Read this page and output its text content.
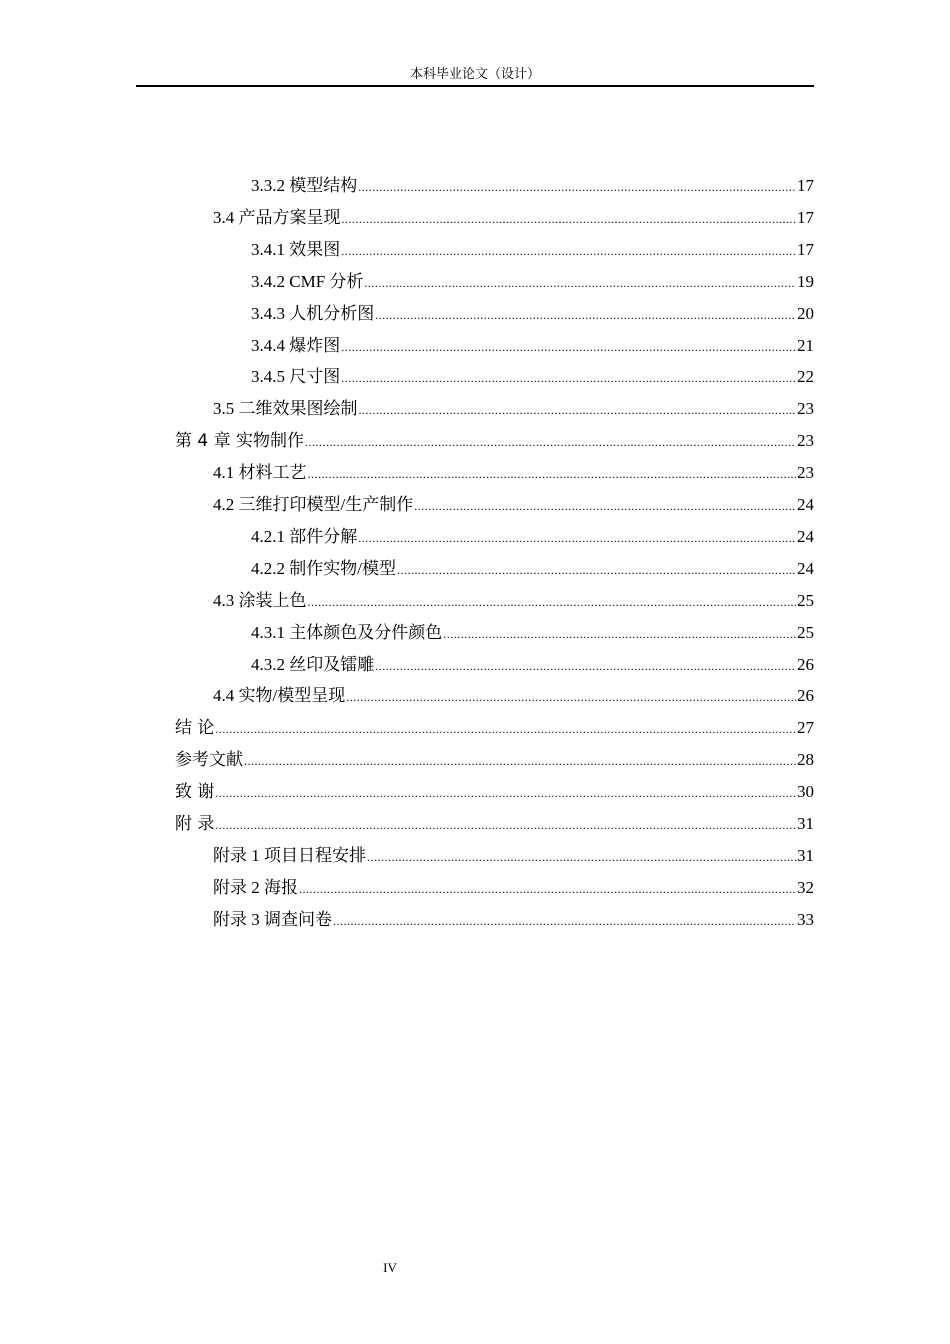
本科毕业论文（设计）
3.3.2 模型结构 .....	17
3.4 产品方案呈现 .....	17
3.4.1 效果图 .....	17
3.4.2 CMF 分析 .....	19
3.4.3 人机分析图 .....	20
3.4.4 爆炸图 .....	21
3.4.5 尺寸图 .....	22
3.5 二维效果图绘制 .....	23
第 4 章 实物制作 .....	23
4.1 材料工艺 .....	23
4.2 三维打印模型/生产制作 .....	24
4.2.1 部件分解 .....	24
4.2.2 制作实物/模型 .....	24
4.3 涂装上色 .....	25
4.3.1 主体颜色及分件颜色 .....	25
4.3.2 丝印及镭雕 .....	26
4.4 实物/模型呈现 .....	26
结 论 .....	27
参考文献 .....	28
致 谢 .....	30
附 录 .....	31
附录 1 项目日程安排 .....	31
附录 2 海报 .....	32
附录 3 调查问卷 .....	33
IV
